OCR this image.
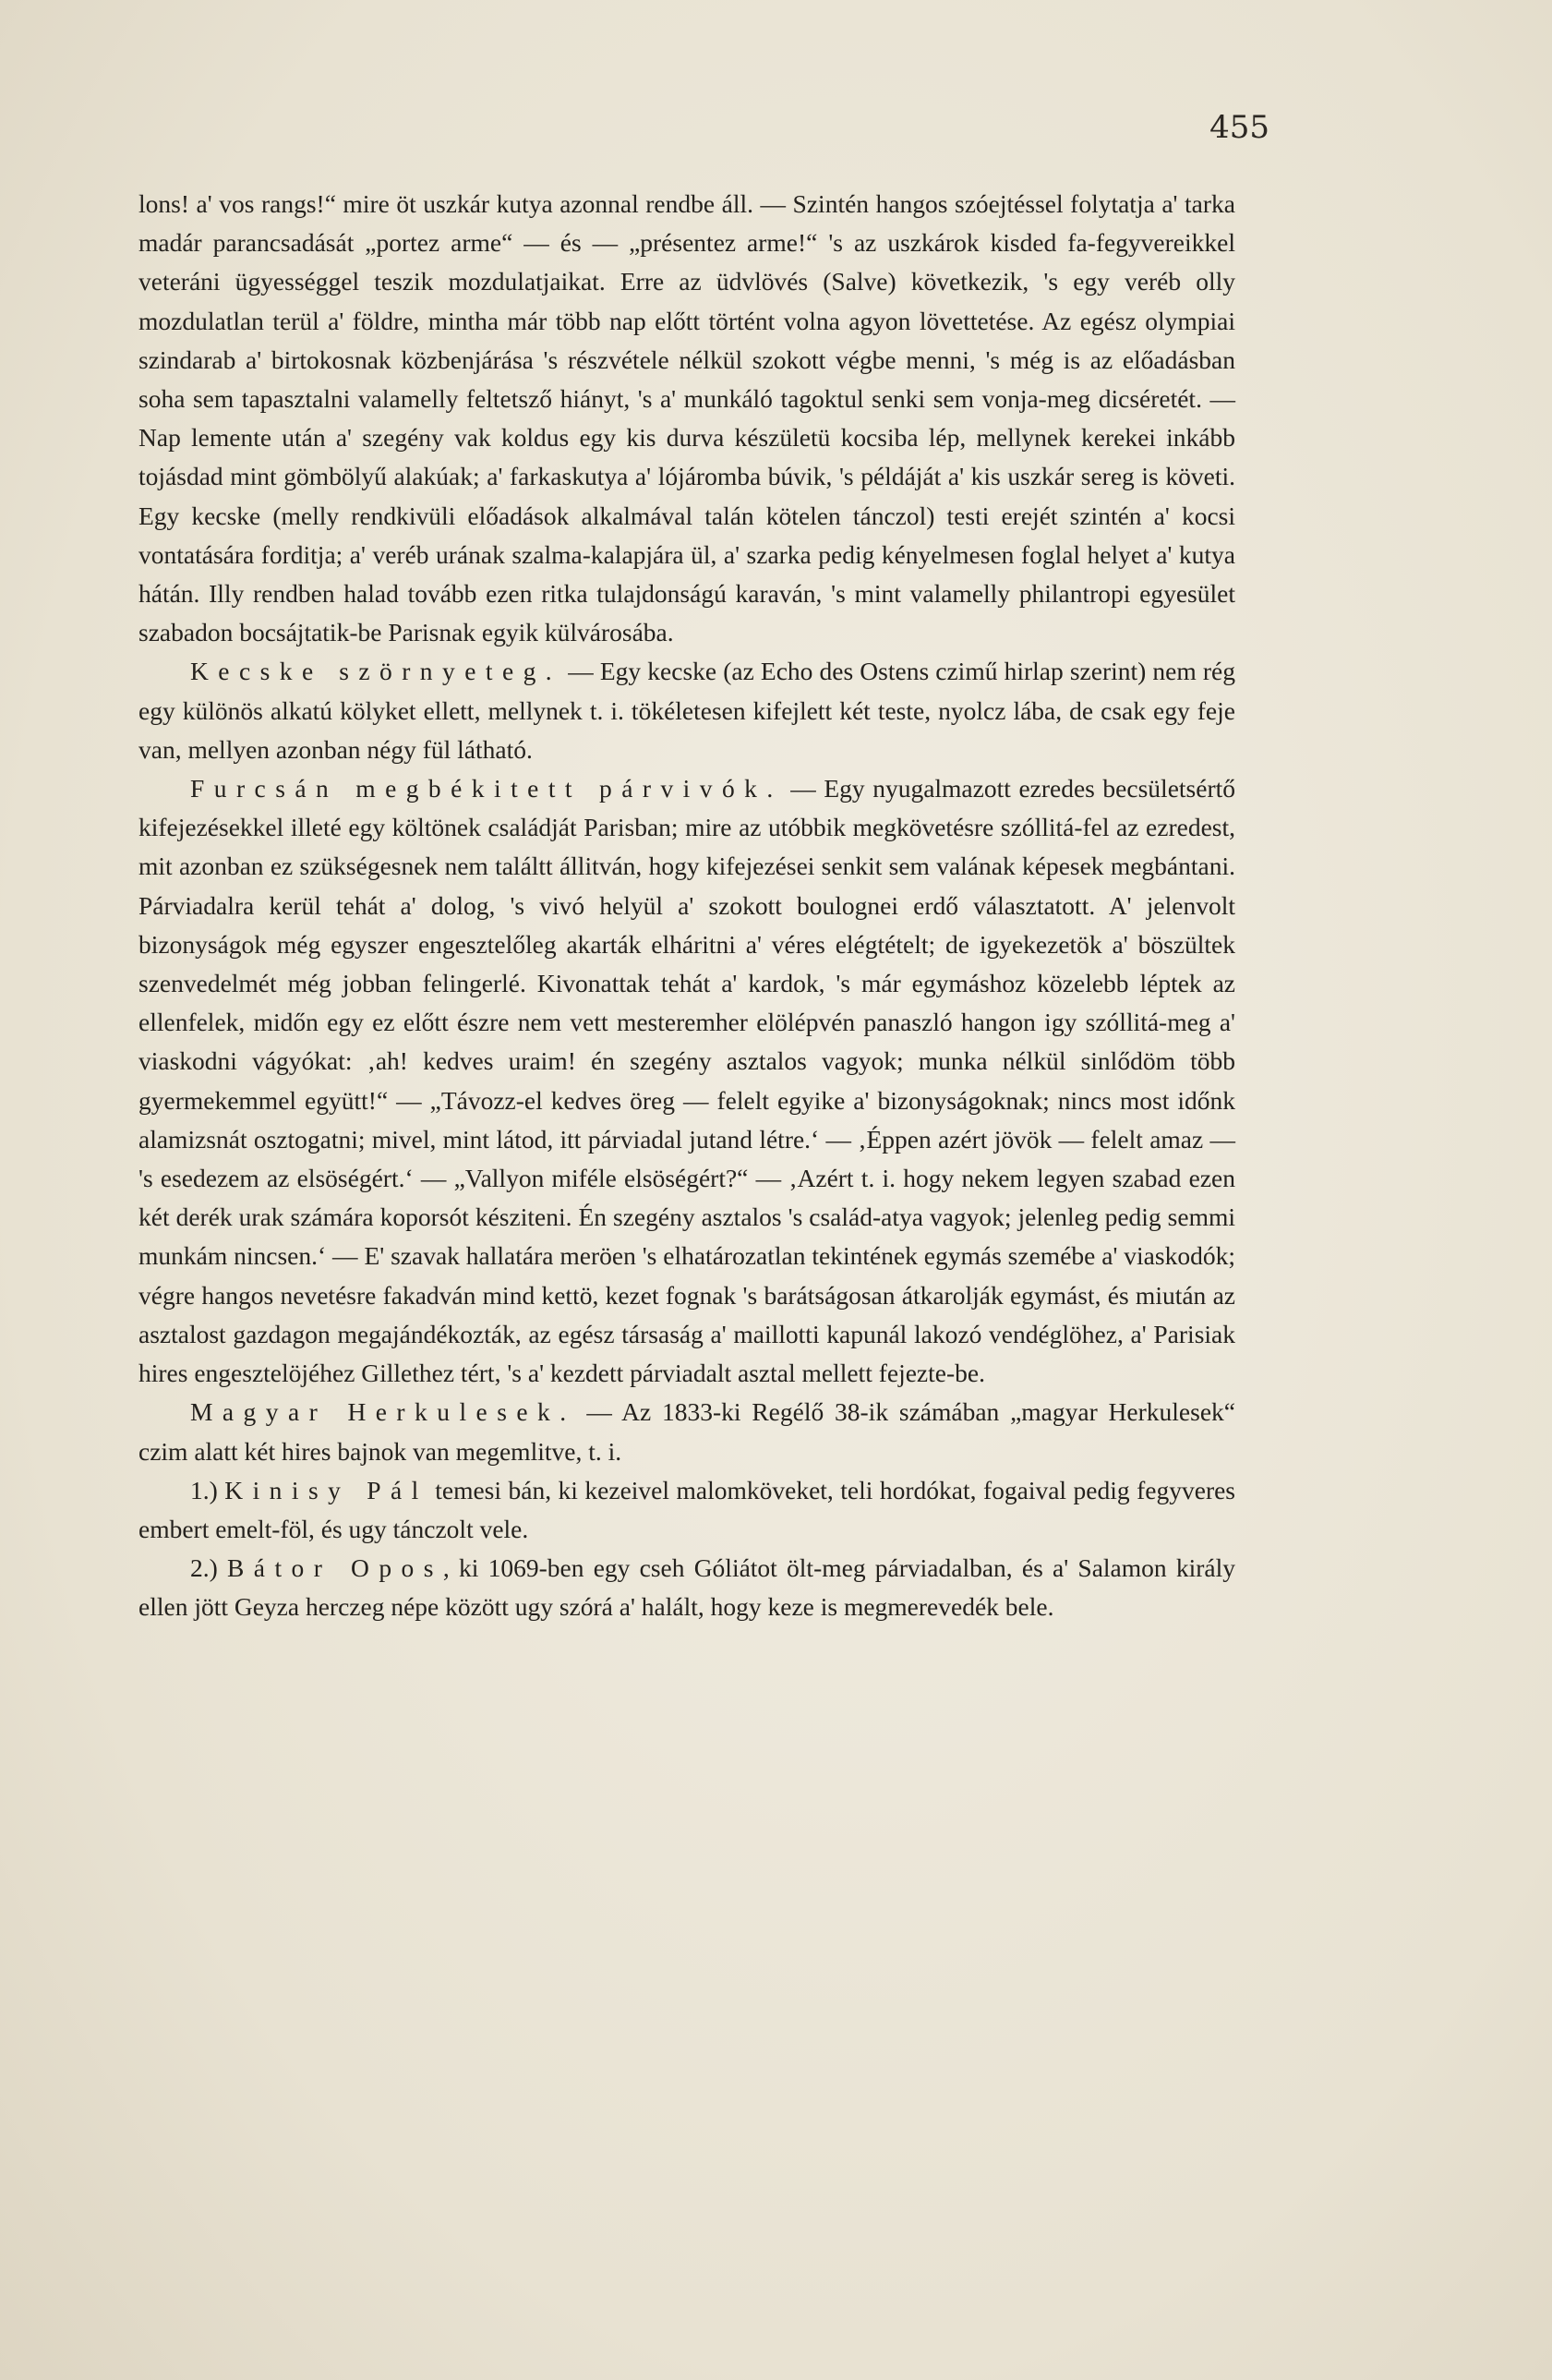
455

lons! a' vos rangs!“ mire öt uszkár kutya azonnal rendbe áll. — Szintén hangos szóejtéssel folytatja a' tarka madár parancsadását „portez arme“ — és — „présentez arme!“ 's az uszkárok kisded fa-fegyvereikkel veteráni ügyességgel teszik mozdulatjaikat. Erre az üdvlövés (Salve) következik, 's egy veréb olly mozdulatlan terül a' földre, mintha már több nap előtt történt volna agyon lövettetése. Az egész olympiai szindarab a' birtokosnak közbenjárása 's részvétele nélkül szokott végbe menni, 's még is az előadásban soha sem tapasztalni valamelly feltetsző hiányt, 's a' munkáló tagoktul senki sem vonja-meg dicséretét. — Nap lemente után a' szegény vak koldus egy kis durva készületü kocsiba lép, mellynek kerekei inkább tojásdad mint gömbölyű alakúak; a' farkaskutya a' lójáromba búvik, 's példáját a' kis uszkár sereg is követi. Egy kecske (melly rendkivüli előadások alkalmával talán kötelen tánczol) testi erejét szintén a' kocsi vontatására forditja; a' veréb urának szalma-kalapjára ül, a' szarka pedig kényelmesen foglal helyet a' kutya hátán. Illy rendben halad tovább ezen ritka tulajdonságú karaván, 's mint valamelly philantropi egyesület szabadon bocsájtatik-be Parisnak egyik külvárosába.

Kecske szörnyeteg. — Egy kecske (az Echo des Ostens czimű hirlap szerint) nem rég egy különös alkatú kölyket ellett, mellynek t. i. tökéletesen kifejlett két teste, nyolcz lába, de csak egy feje van, mellyen azonban négy fül látható.

Furcsán megbékitett párvivók. — Egy nyugalmazott ezredes becsületsértő kifejezésekkel illeté egy költönek családját Parisban; mire az utóbbik megkövetésre szóllitá-fel az ezredest, mit azonban ez szükségesnek nem találtt állitván, hogy kifejezései senkit sem valának képesek megbántani. Párviadalra kerül tehát a' dolog, 's vivó helyül a' szokott boulognei erdő választatott. A' jelenvolt bizonyságok még egyszer engesztelőleg akarták elháritni a' véres elégtételt; de igyekezetök a' böszültek szenvedelmét még jobban felingerlé. Kivonattak tehát a' kardok, 's már egymáshoz közelebb léptek az ellenfelek, midőn egy ez előtt észre nem vett mesteremher elölépvén panaszló hangon igy szóllitá-meg a' viaskodni vágyókat: ‚ah! kedves uraim! én szegény asztalos vagyok; munka nélkül sinlődöm több gyermekemmel együtt!“ — „Távozz-el kedves öreg — felelt egyike a' bizonyságoknak; nincs most időnk alamizsnát osztogatni; mivel, mint látod, itt párviadal jutand létre.‘ — ‚Éppen azért jövök — felelt amaz — 's esedezem az elsöségért.‘ — „Vallyon miféle elsöségért?“ — ‚Azért t. i. hogy nekem legyen szabad ezen két derék urak számára koporsót késziteni. Én szegény asztalos 's család-atya vagyok; jelenleg pedig semmi munkám nincsen.‘ — E' szavak hallatára meröen 's elhatározatlan tekintének egymás szemébe a' viaskodók; végre hangos nevetésre fakadván mind kettö, kezet fognak 's barátságosan átkarolják egymást, és miután az asztalost gazdagon megajándékozták, az egész társaság a' maillotti kapunál lakozó vendéglöhez, a' Parisiak hires engesztelöjéhez Gillethez tért, 's a' kezdett párviadalt asztal mellett fejezte-be.

Magyar Herkulesek. — Az 1833-ki Regélő 38-ik számában „magyar Herkulesek“ czim alatt két hires bajnok van megemlitve, t. i.

1.) Kinisy Pál temesi bán, ki kezeivel malomköveket, teli hordókat, fogaival pedig fegyveres embert emelt-föl, és ugy tánczolt vele.

2.) Bátor Opos, ki 1069-ben egy cseh Góliátot ölt-meg párviadalban, és a' Salamon király ellen jött Geyza herczeg népe között ugy szórá a' halált, hogy keze is megmerevedék bele.
